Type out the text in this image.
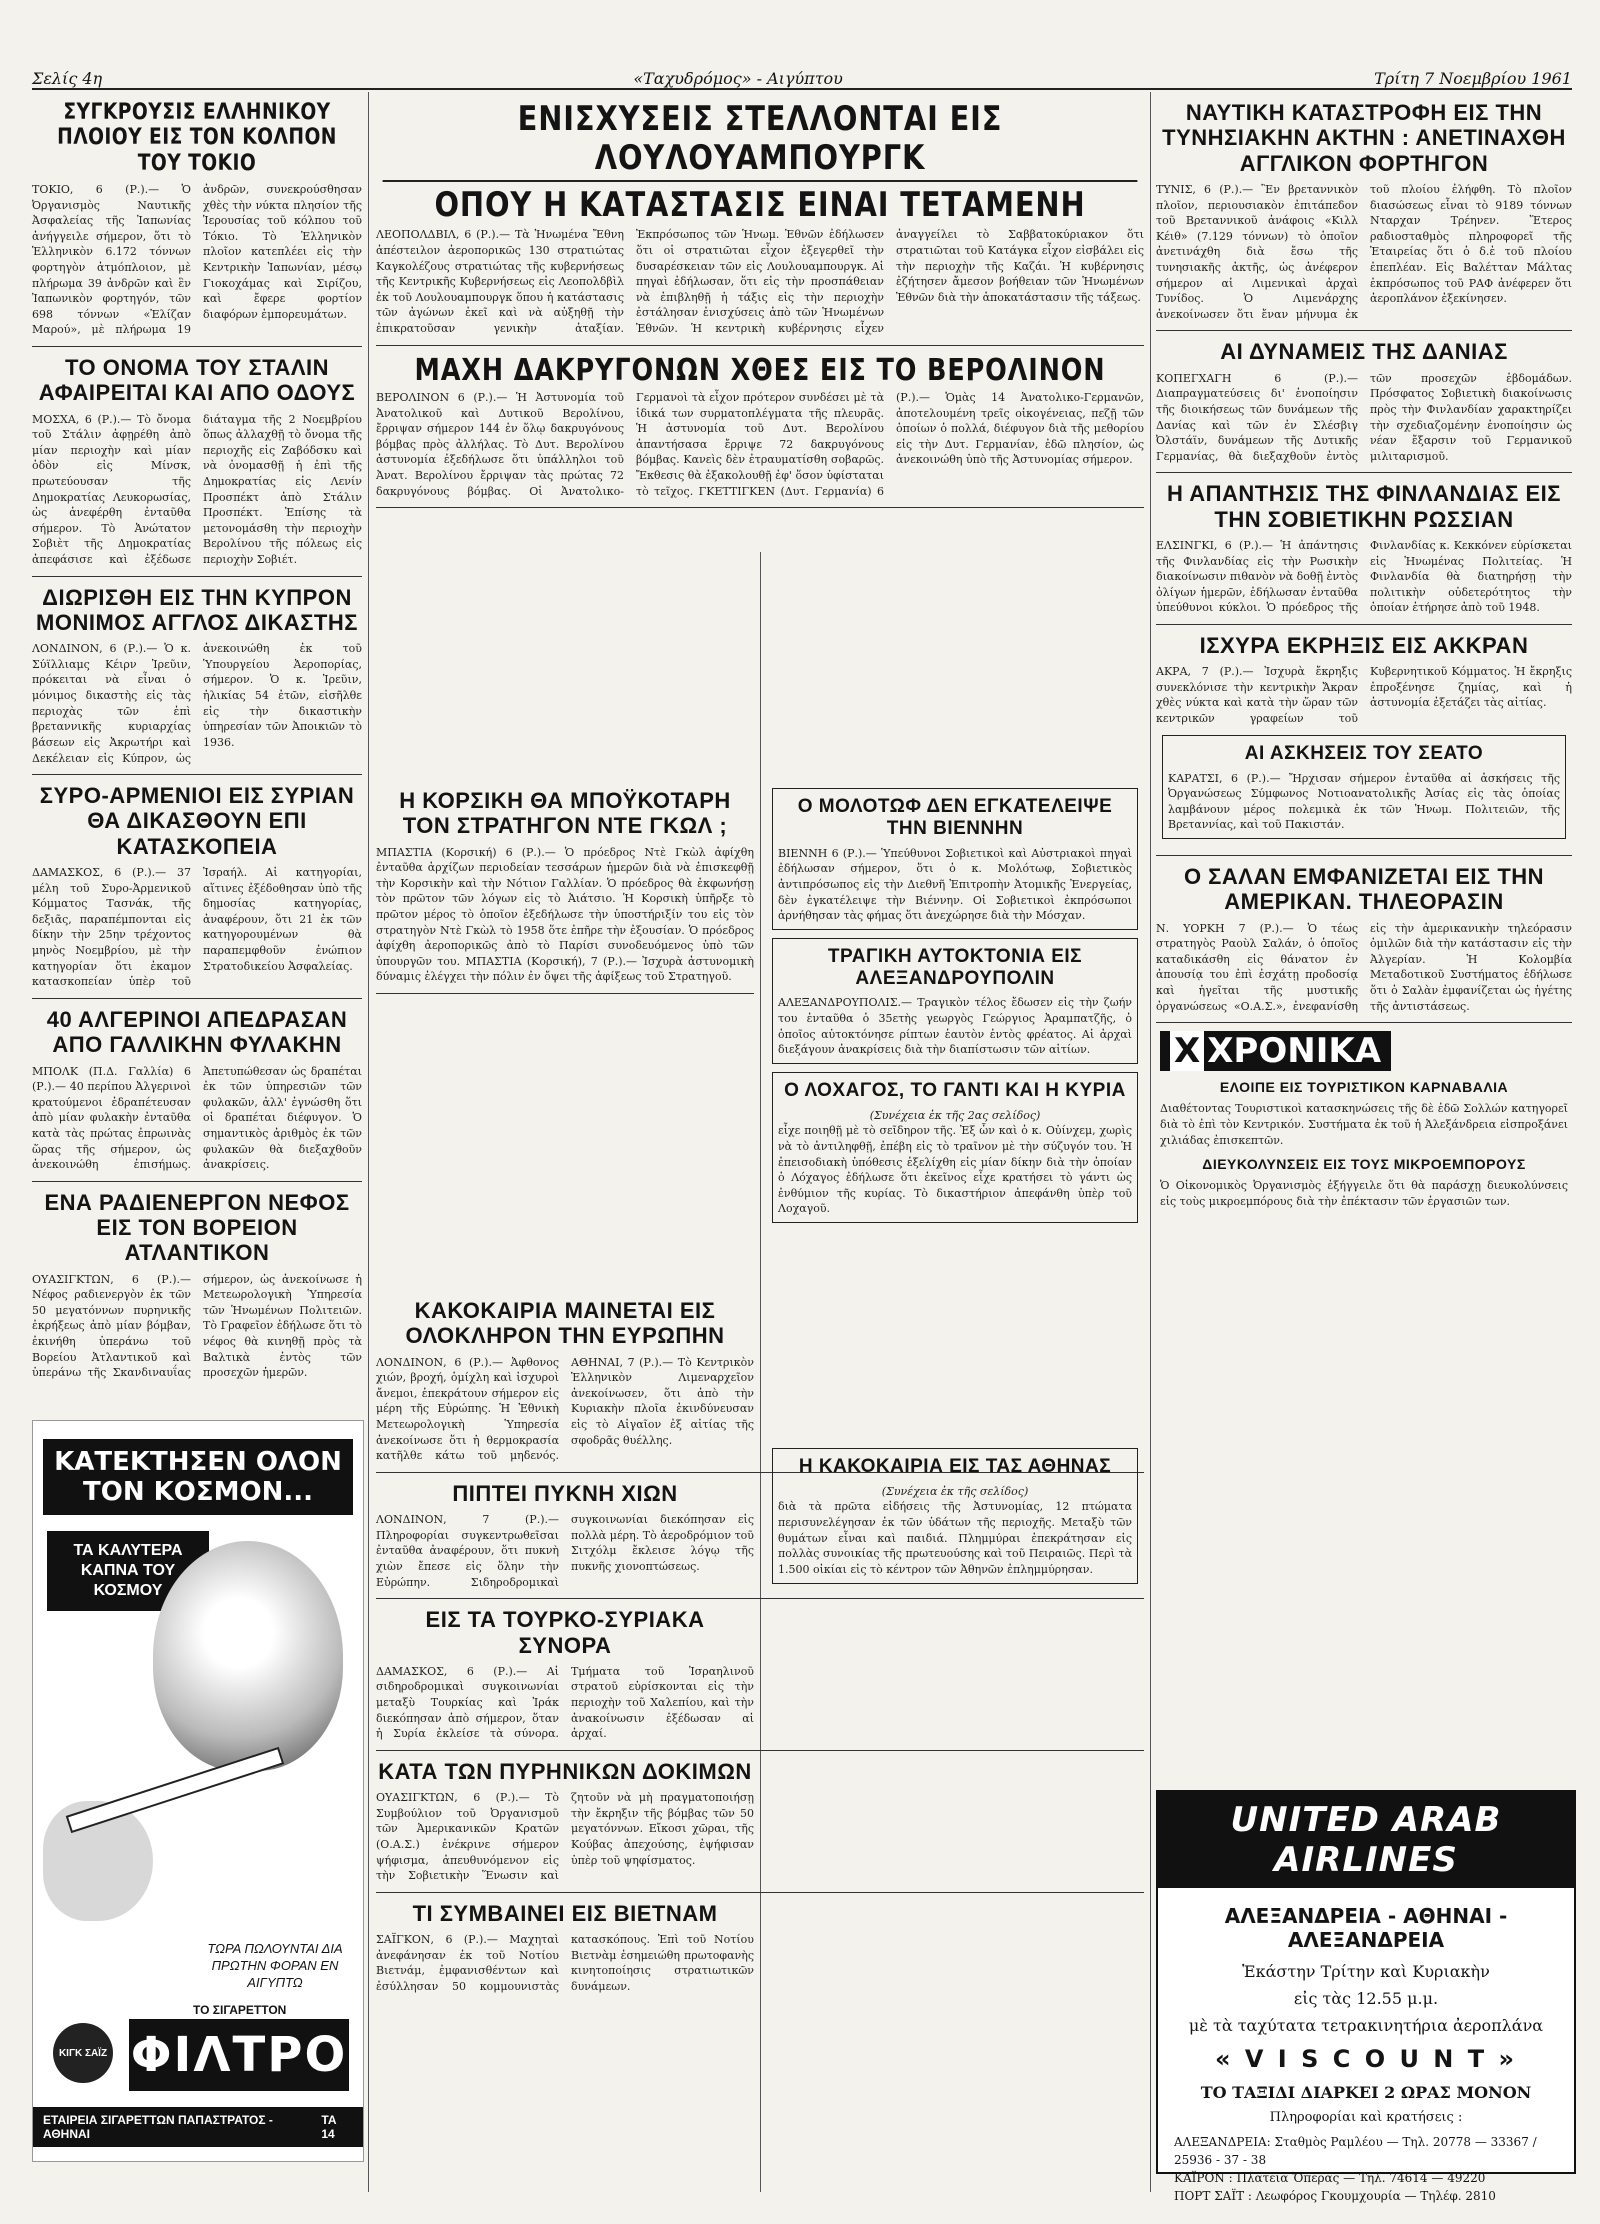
Σελίς 4η	«Ταχυδρόμος» - Αιγύπτου	Τρίτη 7 Νοεμβρίου 1961
ΣΥΓΚΡΟΥΣΙΣ ΕΛΛΗΝΙΚΟΥ ΠΛΟΙΟΥ ΕΙΣ ΤΟΝ ΚΟΛΠΟΝ ΤΟΥ ΤΟΚΙΟ
ΤΟΚΙΟ, 6 (Ρ.).— Ὁ Ὀργανισμὸς Ναυτικῆς Ἀσφαλείας τῆς Ἰαπωνίας ἀνήγγειλε σήμερον, ὅτι τὸ Ἑλληνικὸν 6.172 τόννων φορτηγὸν ἀτμόπλοιον, μὲ πλήρωμα 39 ἀνδρῶν καὶ ἓν Ἰαπωνικὸν φορτηγόν, τῶν 698 τόννων «Ἐλίζαν Μαρού», μὲ πλήρωμα 19 ἀνδρῶν, συνεκρούσθησαν χθὲς τὴν νύκτα πλησίον τῆς Ἱερουσίας τοῦ κόλπου τοῦ Τόκιο. Τὸ Ἑλληνικὸν πλοῖον κατεπλέει εἰς τὴν Κεντρικὴν Ἰαπωνίαν, μέσῳ Γιοκοχάμας καὶ Σιρίζου, καὶ ἔφερε φορτίον διαφόρων ἐμπορευμάτων.
ΤΟ ΟΝΟΜΑ ΤΟΥ ΣΤΑΛΙΝ ΑΦΑΙΡΕΙΤΑΙ ΚΑΙ ΑΠΟ ΟΔΟΥΣ
ΜΟΣΧΑ, 6 (Ρ.).— Τὸ ὄνομα τοῦ Στάλιν ἀφῃρέθη ἀπὸ μίαν περιοχὴν καὶ μίαν ὁδὸν εἰς Μίνσκ, πρωτεύουσαν τῆς Δημοκρατίας Λευκορωσίας, ὡς ἀνεφέρθη ἐνταῦθα σήμερον. Τὸ Ἀνώτατον Σοβιὲτ τῆς Δημοκρατίας ἀπεφάσισε καὶ ἐξέδωσε διάταγμα τῆς 2 Νοεμβρίου ὅπως ἀλλαχθῇ τὸ ὄνομα τῆς περιοχῆς εἰς Ζαβόδσκυ καὶ νὰ ὀνομασθῇ ἡ ἐπὶ τῆς Δημοκρατίας εἰς Λενίν Προσπέκτ ἀπὸ Στάλιν Προσπέκτ. Ἐπίσης τὰ μετονομάσθη τὴν περιοχὴν Βερολίνου τῆς πόλεως εἰς περιοχὴν Σοβιέτ.
ΔΙΩΡΙΣΘΗ ΕΙΣ ΤΗΝ ΚΥΠΡΟΝ ΜΟΝΙΜΟΣ ΑΓΓΛΟΣ ΔΙΚΑΣΤΗΣ
ΛΟΝΔΙΝΟΝ, 6 (Ρ.).— Ὁ κ. Σύϊλλιαμς Κέιρν Ἰρεῦιν, πρόκειται νὰ εἶναι ὁ μόνιμος δικαστὴς εἰς τὰς περιοχὰς τῶν ἐπὶ βρεταννικῆς κυριαρχίας βάσεων εἰς Ἀκρωτήρι καὶ Δεκέλειαν εἰς Κύπρον, ὡς ἀνεκοινώθη ἐκ τοῦ Ὑπουργείου Ἀεροπορίας, σήμερον. Ὁ κ. Ἰρεῦιν, ἡλικίας 54 ἐτῶν, εἰσῆλθε εἰς τὴν δικαστικὴν ὑπηρεσίαν τῶν Ἀποικιῶν τὸ 1936.
ΣΥΡΟ-ΑΡΜΕΝΙΟΙ ΕΙΣ ΣΥΡΙΑΝ ΘΑ ΔΙΚΑΣΘΟΥΝ ΕΠΙ ΚΑΤΑΣΚΟΠΕΙΑ
ΔΑΜΑΣΚΟΣ, 6 (Ρ.).— 37 μέλη τοῦ Συρο-Ἀρμενικοῦ Κόμματος Τασνάκ, τῆς δεξιᾶς, παραπέμπονται εἰς δίκην τὴν 25ην τρέχοντος μηνὸς Νοεμβρίου, μὲ τὴν κατηγορίαν ὅτι ἐκαμον κατασκοπείαν ὑπὲρ τοῦ Ἰσραήλ. Αἱ κατηγορίαι, αἵτινες ἐξέδοθησαν ὑπὸ τῆς δημοσίας κατηγορίας, ἀναφέρουν, ὅτι 21 ἐκ τῶν κατηγορουμένων θὰ παραπεμφθοῦν ἐνώπιον Στρατοδικείου Ἀσφαλείας.
40 ΑΛΓΕΡΙΝΟΙ ΑΠΕΔΡΑΣΑΝ ΑΠΟ ΓΑΛΛΙΚΗΝ ΦΥΛΑΚΗΝ
ΜΠΟΛΚ (Π.Δ. Γαλλία) 6 (Ρ.).— 40 περίπου Ἀλγερινοὶ κρατούμενοι ἐδραπέτευσαν ἀπὸ μίαν φυλακὴν ἐνταῦθα κατὰ τὰς πρώτας ἐπρωινὰς ὥρας τῆς σήμερον, ὡς ἀνεκοινώθη ἐπισήμως. Ἀπετυπώθεσαν ὡς δραπέται ἐκ τῶν ὑπηρεσιῶν τῶν φυλακῶν, ἀλλ' ἐγνώσθη ὅτι οἱ δραπέται διέφυγον. Ὁ σημαντικὸς ἀριθμὸς ἐκ τῶν φυλακῶν θὰ διεξαχθοῦν ἀνακρίσεις.
ΕΝΑ ΡΑΔΙΕΝΕΡΓΟΝ ΝΕΦΟΣ ΕΙΣ ΤΟΝ ΒΟΡΕΙΟΝ ΑΤΛΑΝΤΙΚΟΝ
ΟΥΑΣΙΓΚΤΩΝ, 6 (Ρ.).— Νέφος ραδιενεργὸν ἐκ τῶν 50 μεγατόννων πυρηνικῆς ἐκρήξεως ἀπὸ μίαν βόμβαν, ἐκινήθη ὑπεράνω τοῦ Βορείου Ἀτλαντικοῦ καὶ ὑπεράνω τῆς Σκανδιναυΐας σήμερον, ὡς ἀνεκοίνωσε ἡ Μετεωρολογικὴ Ὑπηρεσία τῶν Ἡνωμένων Πολιτειῶν. Τὸ Γραφεῖον ἐδήλωσε ὅτι τὸ νέφος θὰ κινηθῇ πρὸς τὰ Βαλτικὰ ἐντὸς τῶν προσεχῶν ἡμερῶν.
ΚΑΤΕΚΤΗΣΕΝ ΟΛΟΝ ΤΟΝ ΚΟΣΜΟΝ...
ΤΑ ΚΑΛΥΤΕΡΑ ΚΑΠΝΑ ΤΟΥ ΚΟΣΜΟΥ
ΤΩΡΑ ΠΩΛΟΥΝΤΑΙ ΔΙΑ ΠΡΩΤΗΝ ΦΟΡΑΝ ΕΝ ΑΙΓΥΠΤΩ
ΤΟ ΣΙΓΑΡΕΤΤΟΝ
ΚΙΓΚ ΣΑΪΖ ΦΙΛΤΡΟ
ΕΤΑΙΡΕΙΑ ΣΙΓΑΡΕΤΤΩΝ ΠΑΠΑΣΤΡΑΤΟΣ - ΑΘΗΝΑΙ
ΤΑ 14
ΕΝΙΣΧΥΣΕΙΣ ΣΤΕΛΛΟΝΤΑΙ ΕΙΣ ΛΟΥΛΟΥΑΜΠΟΥΡΓΚ
ΟΠΟΥ Η ΚΑΤΑΣΤΑΣΙΣ ΕΙΝΑΙ ΤΕΤΑΜΕΝΗ
ΛΕΟΠΟΛΔΒΙΛ, 6 (Ρ.).— Τὰ Ἡνωμένα Ἔθνη ἀπέστειλον ἀεροπορικῶς 130 στρατιώτας Καγκολέζους στρατιώτας τῆς κυβερνήσεως τῆς Κεντρικῆς Κυβερνήσεως εἰς Λεοπολδβὶλ ἐκ τοῦ Λουλουαμπουργκ ὅπου ἡ κατάστασις τῶν ἀγώνων ἐκεῖ καὶ νὰ αὐξηθῇ τὴν ἐπικρατοῦσαν γενικὴν ἀταξίαν. Ἐκπρόσωπος τῶν Ἡνωμ. Ἐθνῶν ἐδήλωσεν ὅτι οἱ στρατιῶται εἶχον ἐξεγερθεῖ τὴν δυσαρέσκειαν τῶν εἰς Λουλουαμπουργκ. Αἱ πηγαὶ ἐδήλωσαν, ὅτι εἰς τὴν προσπάθειαν νὰ ἐπιβληθῇ ἡ τάξις εἰς τὴν περιοχὴν ἐστάλησαν ἐνισχύσεις ἀπὸ τῶν Ἡνωμένων Ἐθνῶν. Ἡ κεντρικὴ κυβέρνησις εἶχεν ἀναγγείλει τὸ Σαββατοκύριακον ὅτι στρατιῶται τοῦ Κατάγκα εἶχον εἰσβάλει εἰς τὴν περιοχὴν τῆς Καζάι. Ἡ κυβέρνησις ἐζήτησεν ἄμεσον βοήθειαν τῶν Ἡνωμένων Ἐθνῶν διὰ τὴν ἀποκατάστασιν τῆς τάξεως.
ΜΑΧΗ ΔΑΚΡΥΓΟΝΩΝ ΧΘΕΣ ΕΙΣ ΤΟ ΒΕΡΟΛΙΝΟΝ
ΒΕΡΟΛΙΝΟΝ 6 (Ρ.).— Ἡ Ἀστυνομία τοῦ Ἀνατολικοῦ καὶ Δυτικοῦ Βερολίνου, ἔρριψαν σήμερον 144 ἐν ὅλῳ δακρυγόνους βόμβας πρὸς ἀλλήλας. Τὸ Δυτ. Βερολίνου ἀστυνομία ἐξεδήλωσε ὅτι ὑπάλληλοι τοῦ Ἀνατ. Βερολίνου ἔρριψαν τὰς πρώτας 72 δακρυγόνους βόμβας. Οἱ Ἀνατολικο-Γερμανοὶ τὰ εἶχον πρότερον συνδέσει μὲ τὰ ἰδικά των συρματοπλέγματα τῆς πλευρᾶς. Ἡ ἀστυνομία τοῦ Δυτ. Βερολίνου ἀπαντήσασα ἔρριψε 72 δακρυγόνους βόμβας. Κανεὶς δὲν ἐτραυματίσθη σοβαρῶς. Ἔκθεσις θὰ ἐξακολουθῇ ἐφ' ὅσον ὑφίσταται τὸ τεῖχος. ΓΚΕΤΤΙΓΚΕΝ (Δυτ. Γερμανία) 6 (Ρ.).— Ὁμὰς 14 Ἀνατολικο-Γερμανῶν, ἀποτελουμένη τρεῖς οἰκογένειας, πεζῇ τῶν ὁποίων ὁ πολλά, διέφυγον διὰ τῆς μεθορίου εἰς τὴν Δυτ. Γερμανίαν, ἐδῶ πλησίον, ὡς ἀνεκοινώθη ὑπὸ τῆς Ἀστυνομίας σήμερον.
Η ΚΟΡΣΙΚΗ ΘΑ ΜΠΟΫΚΟΤΑΡΗ ΤΟΝ ΣΤΡΑΤΗΓΟΝ ΝΤΕ ΓΚΩΛ ;
ΜΠΑΣΤΙΑ (Κορσική) 6 (Ρ.).— Ὁ πρόεδρος Ντὲ Γκὼλ ἀφίχθη ἐνταῦθα ἀρχίζων περιοδείαν τεσσάρων ἡμερῶν διὰ νὰ ἐπισκεφθῇ τὴν Κορσικὴν καὶ τὴν Νότιον Γαλλίαν. Ὁ πρόεδρος θὰ ἐκφωνήσῃ τὸν πρῶτον τῶν λόγων εἰς τὸ Ἀιάτσιο. Ἡ Κορσικὴ ὑπῆρξε τὸ πρῶτον μέρος τὸ ὁποῖον ἐξεδήλωσε τὴν ὑποστήριξίν του εἰς τὸν στρατηγὸν Ντὲ Γκὼλ τὸ 1958 ὅτε ἐπῆρε τὴν ἐξουσίαν. Ὁ πρόεδρος ἀφίχθη ἀεροπορικῶς ἀπὸ τὸ Παρίσι συνοδευόμενος ὑπὸ τῶν ὑπουργῶν του. ΜΠΑΣΤΙΑ (Κορσική), 7 (Ρ.).— Ἰσχυρὰ ἀστυνομικὴ δύναμις ἐλέγχει τὴν πόλιν ἐν ὄψει τῆς ἀφίξεως τοῦ Στρατηγοῦ.
Ο ΜΟΛΟΤΩΦ ΔΕΝ ΕΓΚΑΤΕΛΕΙΨΕ ΤΗΝ ΒΙΕΝΝΗΝ
ΒΙΕΝΝΗ 6 (Ρ.).— Ὑπεύθυνοι Σοβιετικοὶ καὶ Αὐστριακοὶ πηγαὶ ἐδήλωσαν σήμερον, ὅτι ὁ κ. Μολότωφ, Σοβιετικὸς ἀντιπρόσωπος εἰς τὴν Διεθνῆ Ἐπιτροπὴν Ἀτομικῆς Ἐνεργείας, δὲν ἐγκατέλειψε τὴν Βιέννην. Οἱ Σοβιετικοὶ ἐκπρόσωποι ἀρνήθησαν τὰς φήμας ὅτι ἀνεχώρησε διὰ τὴν Μόσχαν.
ΤΡΑΓΙΚΗ ΑΥΤΟΚΤΟΝΙΑ ΕΙΣ ΑΛΕΞΑΝΔΡΟΥΠΟΛΙΝ
ΑΛΕΞΑΝΔΡΟΥΠΟΛΙΣ.— Τραγικὸν τέλος ἔδωσεν εἰς τὴν ζωήν του ἐνταῦθα ὁ 35ετὴς γεωργὸς Γεώργιος Ἀραμπατζῆς, ὁ ὁποῖος αὐτοκτόνησε ρίπτων ἑαυτὸν ἐντὸς φρέατος. Αἱ ἀρχαὶ διεξάγουν ἀνακρίσεις διὰ τὴν διαπίστωσιν τῶν αἰτίων.
Ο ΛΟΧΑΓΟΣ, ΤΟ ΓΑΝΤΙ ΚΑΙ Η ΚΥΡΙΑ
(Συνέχεια ἐκ τῆς 2ας σελίδος)
εἶχε ποιηθῇ μὲ τὸ σεῖδηρον τῆς. Ἐξ ὧν καὶ ὁ κ. Οὐίνχεμ, χωρὶς νὰ τὸ ἀντιληφθῇ, ἐπέβη εἰς τὸ τραῖνον μὲ τὴν σύζυγόν του. Ἡ ἐπεισοδιακὴ ὑπόθεσις ἐξελίχθη εἰς μίαν δίκην διὰ τὴν ὁποίαν ὁ Λόχαγος ἐδήλωσε ὅτι ἐκεῖνος εἶχε κρατήσει τὸ γάντι ὡς ἐνθύμιον τῆς κυρίας. Τὸ δικαστήριον ἀπεφάνθη ὑπὲρ τοῦ Λοχαγοῦ.
ΚΑΚΟΚΑΙΡΙΑ ΜΑΙΝΕΤΑΙ ΕΙΣ ΟΛΟΚΛΗΡΟΝ ΤΗΝ ΕΥΡΩΠΗΝ
ΛΟΝΔΙΝΟΝ, 6 (Ρ.).— Ἀφθονος χιών, βροχή, ὁμίχλη καὶ ἰσχυροὶ ἄνεμοι, ἐπεκράτουν σήμερον εἰς μέρη τῆς Εὐρώπης. Ἡ Ἐθνικὴ Μετεωρολογικὴ Ὑπηρεσία ἀνεκοίνωσε ὅτι ἡ θερμοκρασία κατῆλθε κάτω τοῦ μηδενός. ΑΘΗΝΑΙ, 7 (Ρ.).— Τὸ Κεντρικὸν Ἑλληνικὸν Λιμεναρχεῖον ἀνεκοίνωσεν, ὅτι ἀπὸ τὴν Κυριακὴν πλοῖα ἐκινδύνευσαν εἰς τὸ Αἰγαῖον ἐξ αἰτίας τῆς σφοδρᾶς θυέλλης.
ΠΙΠΤΕΙ ΠΥΚΝΗ ΧΙΩΝ
ΛΟΝΔΙΝΟΝ, 7 (Ρ.).— Πληροφορίαι συγκεντρωθεῖσαι ἐνταῦθα ἀναφέρουν, ὅτι πυκνὴ χιὼν ἔπεσε εἰς ὅλην τὴν Εὐρώπην. Σιδηροδρομικαὶ συγκοινωνίαι διεκόπησαν εἰς πολλὰ μέρη. Τὸ ἀεροδρόμιον τοῦ Σιτχόλμ ἔκλεισε λόγῳ τῆς πυκνῆς χιονοπτώσεως.
ΕΙΣ ΤΑ ΤΟΥΡΚΟ-ΣΥΡΙΑΚΑ ΣΥΝΟΡΑ
ΔΑΜΑΣΚΟΣ, 6 (Ρ.).— Αἱ σιδηροδρομικαὶ συγκοινωνίαι μεταξὺ Τουρκίας καὶ Ἰράκ διεκόπησαν ἀπὸ σήμερον, ὅταν ἡ Συρία ἐκλείσε τὰ σύνορα. Τμήματα τοῦ Ἰσραηλινοῦ στρατοῦ εὑρίσκονται εἰς τὴν περιοχὴν τοῦ Χαλεπίου, καὶ τὴν ἀνακοίνωσιν ἐξέδωσαν αἱ ἀρχαί.
ΚΑΤΑ ΤΩΝ ΠΥΡΗΝΙΚΩΝ ΔΟΚΙΜΩΝ
ΟΥΑΣΙΓΚΤΩΝ, 6 (Ρ.).— Τὸ Συμβούλιον τοῦ Ὀργανισμοῦ τῶν Ἀμερικανικῶν Κρατῶν (Ο.Α.Σ.) ἐνέκρινε σήμερον ψήφισμα, ἀπευθυνόμενον εἰς τὴν Σοβιετικὴν Ἕνωσιν καὶ ζητοῦν νὰ μὴ πραγματοποιήσῃ τὴν ἔκρηξιν τῆς βόμβας τῶν 50 μεγατόννων. Εἴκοσι χῶραι, τῆς Κούβας ἀπεχούσης, ἐψήφισαν ὑπὲρ τοῦ ψηφίσματος.
ΤΙ ΣΥΜΒΑΙΝΕΙ ΕΙΣ ΒΙΕΤΝΑΜ
ΣΑΪΓΚΟΝ, 6 (Ρ.).— Μαχηταὶ ἀνεφάνησαν ἐκ τοῦ Νοτίου Βιετνάμ, ἐμφανισθέντων καὶ ἐσύλλησαν 50 κομμουνιστὰς κατασκόπους. Ἐπὶ τοῦ Νοτίου Βιετνὰμ ἐσημειώθη πρωτοφανὴς κινητοποίησις στρατιωτικῶν δυνάμεων.
Η ΚΑΚΟΚΑΙΡΙΑ ΕΙΣ ΤΑΣ ΑΘΗΝΑΣ
(Συνέχεια ἐκ τῆς σελίδος)
διὰ τὰ πρῶτα εἰδήσεις τῆς Ἀστυνομίας, 12 πτώματα περισυνελέγησαν ἐκ τῶν ὑδάτων τῆς περιοχῆς. Μεταξὺ τῶν θυμάτων εἶναι καὶ παιδιά. Πλημμύραι ἐπεκράτησαν εἰς πολλὰς συνοικίας τῆς πρωτευούσης καὶ τοῦ Πειραιῶς. Περὶ τὰ 1.500 οἰκίαι εἰς τὸ κέντρον τῶν Ἀθηνῶν ἐπλημμύρησαν.
ΝΑΥΤΙΚΗ ΚΑΤΑΣΤΡΟΦΗ ΕΙΣ ΤΗΝ ΤΥΝΗΣΙΑΚΗΝ ΑΚΤΗΝ : ΑΝΕΤΙΝΑΧΘΗ ΑΓΓΛΙΚΟΝ ΦΟΡΤΗΓΟΝ
ΤΥΝΙΣ, 6 (Ρ.).— Ἓν βρεταννικὸν πλοῖον, περιουσιακὸν ἐπιτάπεδον τοῦ Βρεταννικοῦ ἀνάφοις «Κιλλ Κέιθ» (7.129 τόννων) τὸ ὁποῖον ἀνετινάχθη διὰ ἔσω τῆς τυνησιακῆς ἀκτῆς, ὡς ἀνέφερον σήμερον αἱ Λιμενικαὶ ἀρχαὶ Τυνίδος. Ὁ Λιμενάρχης ἀνεκοίνωσεν ὅτι ἔναν μήνυμα ἐκ τοῦ πλοίου ἐλήφθη. Τὸ πλοῖον διασώσεως εἶναι τὸ 9189 τόννων Νταρχαν Τρέηνεν. Ἕτερος ραδιοσταθμὸς πληροφορεῖ τῆς Ἐταιρείας ὅτι ὁ δ.ἐ τοῦ πλοίου ἐπεπλέαν. Εἰς Βαλέτταν Μάλτας ἐκπρόσωπος τοῦ ΡΑΦ ἀνέφερεν ὅτι ἀεροπλάνον ἐξεκίνησεν.
ΑΙ ΔΥΝΑΜΕΙΣ ΤΗΣ ΔΑΝΙΑΣ
ΚΟΠΕΓΧΑΓΗ 6 (Ρ.).— Διαπραγματεύσεις δι' ἑνοποίησιν τῆς διοικήσεως τῶν δυνάμεων τῆς Δανίας καὶ τῶν ἐν Σλέσβιγ Ὀλστάϊν, δυνάμεων τῆς Δυτικῆς Γερμανίας, θὰ διεξαχθοῦν ἐντὸς τῶν προσεχῶν ἑβδομάδων. Πρόσφατος Σοβιετικὴ διακοίνωσις πρὸς τὴν Φινλανδίαν χαρακτηρίζει τὴν σχεδιαζομένην ἑνοποίησιν ὡς νέαν ἔξαρσιν τοῦ Γερμανικοῦ μιλιταρισμοῦ.
Η ΑΠΑΝΤΗΣΙΣ ΤΗΣ ΦΙΝΛΑΝΔΙΑΣ ΕΙΣ ΤΗΝ ΣΟΒΙΕΤΙΚΗΝ ΡΩΣΣΙΑΝ
ΕΛΣΙΝΓΚΙ, 6 (Ρ.).— Ἡ ἀπάντησις τῆς Φινλανδίας εἰς τὴν Ρωσικὴν διακοίνωσιν πιθανὸν νὰ δοθῇ ἐντὸς ὀλίγων ἡμερῶν, ἐδήλωσαν ἐνταῦθα ὑπεύθυνοι κύκλοι. Ὁ πρόεδρος τῆς Φινλανδίας κ. Κεκκόνεν εὑρίσκεται εἰς Ἡνωμένας Πολιτείας. Ἡ Φινλανδία θὰ διατηρήσῃ τὴν πολιτικὴν οὐδετερότητος τὴν ὁποίαν ἐτήρησε ἀπὸ τοῦ 1948.
ΙΣΧΥΡΑ ΕΚΡΗΞΙΣ ΕΙΣ ΑΚΚΡΑΝ
ΑΚΡΑ, 7 (Ρ.).— Ἰσχυρὰ ἔκρηξις συνεκλόνισε τὴν κεντρικὴν Ἄκραν χθὲς νύκτα καὶ κατὰ τὴν ὥραν τῶν κεντρικῶν γραφείων τοῦ Κυβερνητικοῦ Κόμματος. Ἡ ἔκρηξις ἐπροξένησε ζημίας, καὶ ἡ ἀστυνομία ἐξετάζει τὰς αἰτίας.
ΑΙ ΑΣΚΗΣΕΙΣ ΤΟΥ ΣΕΑΤΟ
ΚΑΡΑΤΣΙ, 6 (Ρ.).— Ἤρχισαν σήμερον ἐνταῦθα αἱ ἀσκήσεις τῆς Ὀργανώσεως Σύμφωνος Νοτιοανατολικῆς Ἀσίας εἰς τὰς ὁποίας λαμβάνουν μέρος πολεμικὰ ἐκ τῶν Ἡνωμ. Πολιτειῶν, τῆς Βρεταννίας, καὶ τοῦ Πακιστάν.
Ο ΣΑΛΑΝ ΕΜΦΑΝΙΖΕΤΑΙ ΕΙΣ ΤΗΝ ΑΜΕΡΙΚΑΝ. ΤΗΛΕΟΡΑΣΙΝ
Ν. ΥΟΡΚΗ 7 (Ρ.).— Ὁ τέως στρατηγὸς Ραοὺλ Σαλάν, ὁ ὁποῖος καταδικάσθη εἰς θάνατον ἐν ἀπουσίᾳ του ἐπὶ ἐσχάτῃ προδοσίᾳ καὶ ἡγεῖται τῆς μυστικῆς ὀργανώσεως «Ο.Α.Σ.», ἐνεφανίσθη εἰς τὴν ἀμερικανικὴν τηλεόρασιν ὁμιλῶν διὰ τὴν κατάστασιν εἰς τὴν Ἀλγερίαν. Ἡ Κολομβία Μεταδοτικοῦ Συστήματος ἐδήλωσε ὅτι ὁ Σαλὰν ἐμφανίζεται ὡς ἡγέτης τῆς ἀντιστάσεως.
X ΧΡΟΝΙΚΑ
ΕΛΟΙΠΕ ΕΙΣ ΤΟΥΡΙΣΤΙΚΟΝ ΚΑΡΝΑΒΑΛΙΑ
Διαθέτοντας Τουριστικοὶ κατασκηνώσεις τῆς δὲ ἐδῶ Σολλών κατηγορεῖ διὰ τὸ ἐπὶ τὸν Κεντρικόν. Συστήματα ἐκ τοῦ ἡ Ἀλεξάνδρεια εἰσπροξάνει χιλιάδας ἐπισκεπτῶν.
ΔΙΕΥΚΟΛΥΝΣΕΙΣ ΕΙΣ ΤΟΥΣ ΜΙΚΡΟΕΜΠΟΡΟΥΣ
Ὁ Οἰκονομικὸς Ὀργανισμὸς ἐξήγγειλε ὅτι θὰ παράσχῃ διευκολύνσεις εἰς τοὺς μικροεμπόρους διὰ τὴν ἐπέκτασιν τῶν ἐργασιῶν των.
UNITED ARAB AIRLINES
ΑΛΕΞΑΝΔΡΕΙΑ - ΑΘΗΝΑΙ - ΑΛΕΞΑΝΔΡΕΙΑ
Ἑκάστην Τρίτην καὶ Κυριακὴν
εἰς τὰς 12.55 μ.μ.
μὲ τὰ ταχύτατα τετρακινητήρια ἀεροπλάνα
« V I S C O U N T »
ΤΟ ΤΑΞΙΔΙ ΔΙΑΡΚΕΙ 2 ΩΡΑΣ ΜΟΝΟΝ
Πληροφορίαι καὶ κρατήσεις :
ΑΛΕΞΑΝΔΡΕΙΑ: Σταθμὸς Ραμλέου — Τηλ. 20778 — 33367 / 25936 - 37 - 38
ΚΑΪΡΟΝ : Πλατεῖα Ὄπερας — Τηλ. 74614 — 49220
ΠΟΡΤ ΣΑΪΤ : Λεωφόρος Γκουμχουρία — Τηλέφ. 2810
